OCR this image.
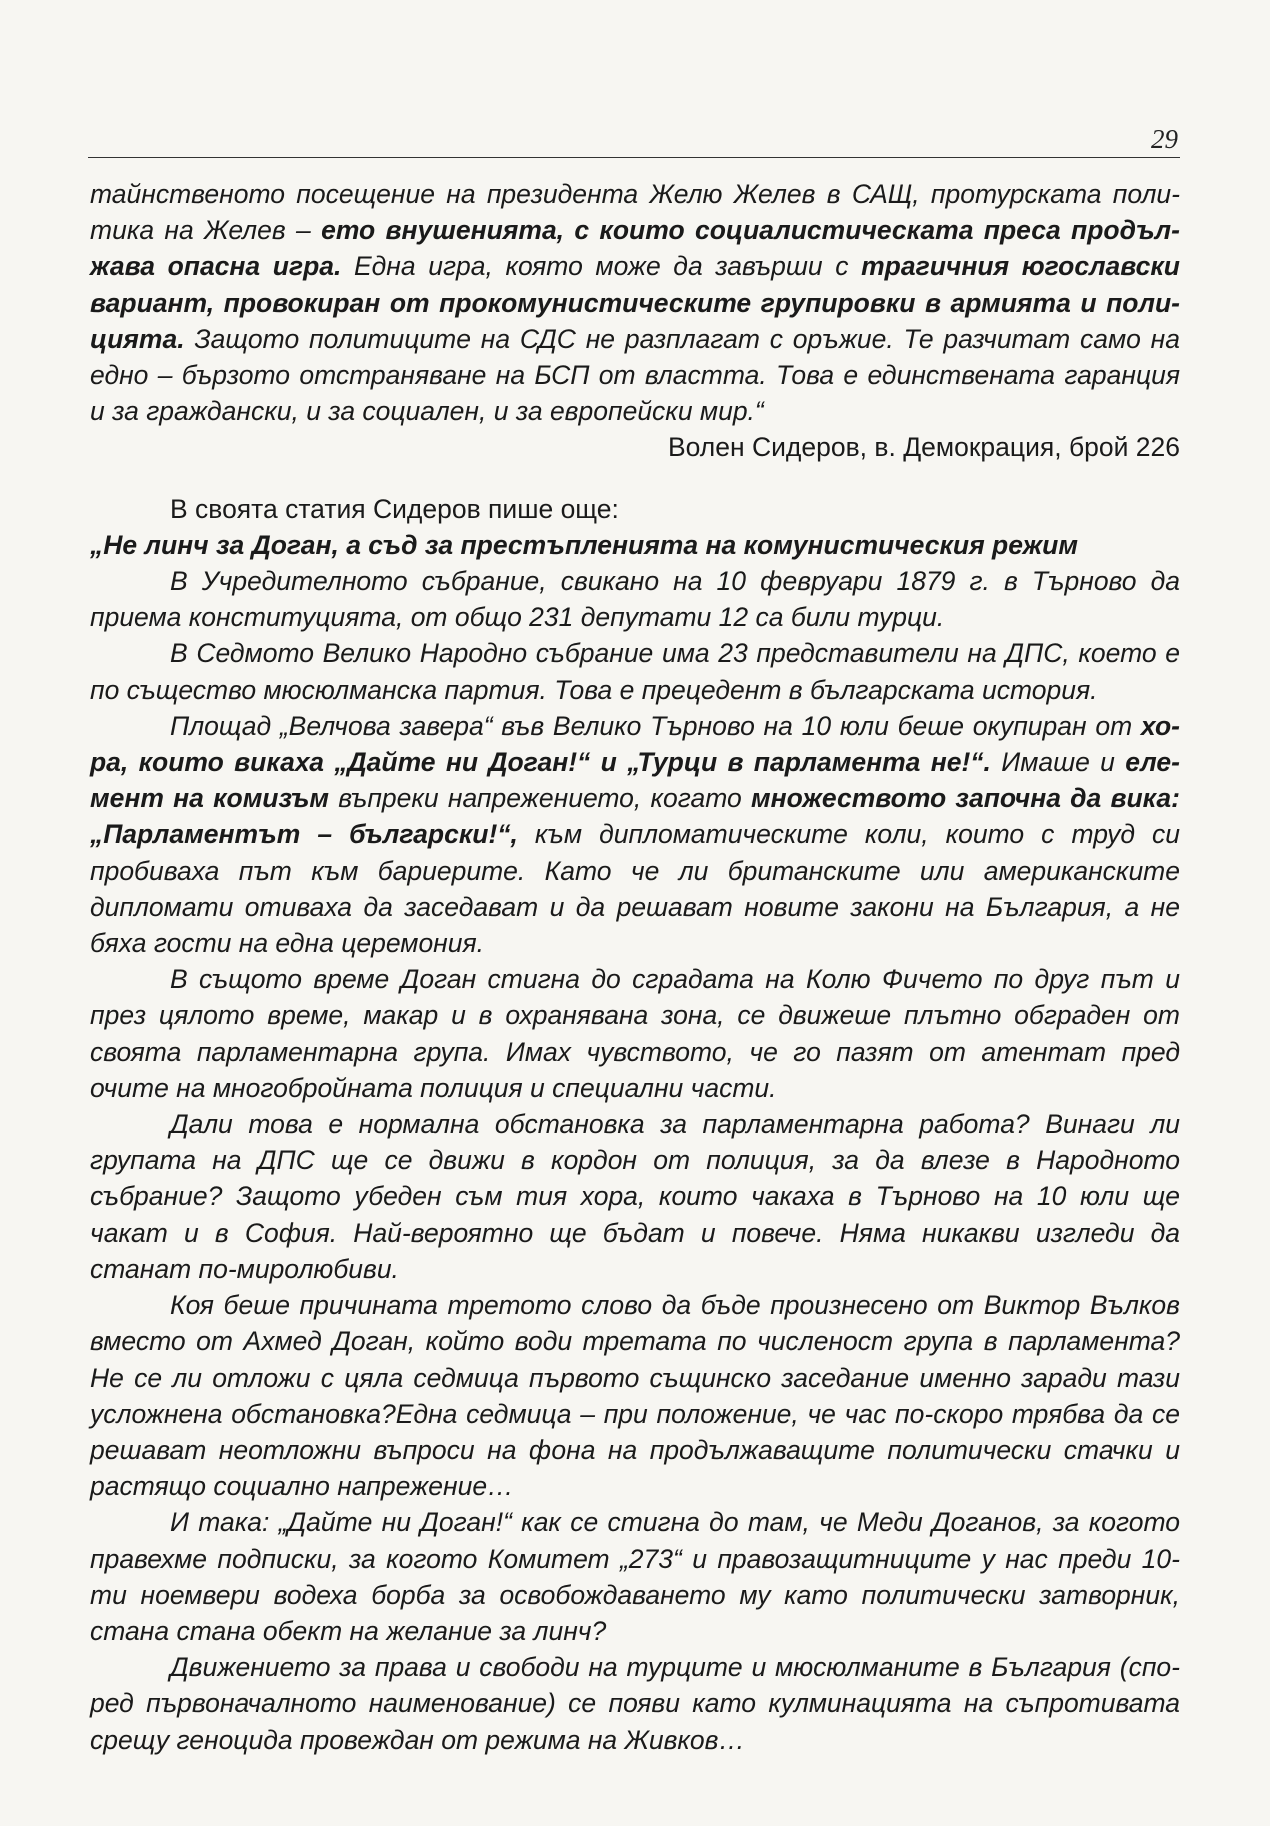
29

тайнственото посещение на президента Желю Желев в САЩ, протурската политика на Желев – ето внушенията, с които социалистическата преса продължава опасна игра. Една игра, която може да завърши с трагичния югославски вариант, провокиран от прокомунистическите групировки в армията и полицията. Защото политиците на СДС не разплагат с оръжие. Те разчитат само на едно – бързото отстраняване на БСП от властта. Това е единствената гаранция и за граждански, и за социален, и за европейски мир.“

Волен Сидеров, в. Демокрация, брой 226

В своята статия Сидеров пише още:

„Не линч за Доган, а съд за престъпленията на комунистическия режим

В Учредителното събрание, свикано на 10 февруари 1879 г. в Търново да приема конституцията, от общо 231 депутати 12 са били турци.

В Седмото Велико Народно събрание има 23 представители на ДПС, което е по същество мюсюлманска партия. Това е прецедент в българската история.

Площад „Велчова завера“ във Велико Търново на 10 юли беше окупиран от хора, които викаха „Дайте ни Доган!“ и „Турци в парламента не!“. Имаше и елемент на комизъм въпреки напрежението, когато множеството започна да вика: „Парламентът – български!“, към дипломатическите коли, които с труд си пробиваха път към бариерите. Като че ли британските или американските дипломати отиваха да заседават и да решават новите закони на България, а не бяха гости на една церемония.

В същото време Доган стигна до сградата на Колю Фичето по друг път и през цялото време, макар и в охранявана зона, се движеше плътно обграден от своята парламентарна група. Имах чувството, че го пазят от атентат пред очите на многобройната полиция и специални части.

Дали това е нормална обстановка за парламентарна работа? Винаги ли групата на ДПС ще се движи в кордон от полиция, за да влезе в Народното събрание? Защото убеден съм тия хора, които чакаха в Търново на 10 юли ще чакат и в София. Най-вероятно ще бъдат и повече. Няма никакви изгледи да станат по-миролюбиви.

Коя беше причината третото слово да бъде произнесено от Виктор Вълков вместо от Ахмед Доган, който води третата по численост група в парламента? Не се ли отложи с цяла седмица първото същинско заседание именно заради тази усложнена обстановка?Една седмица – при положение, че час по-скоро трябва да се решават неотложни въпроси на фона на продължаващите политически стачки и растящо социално напрежение…

И така: „Дайте ни Доган!“ как се стигна до там, че Меди Доганов, за когото правехме подписки, за когото Комитет „273“ и правозащитниците у нас преди 10-ти ноемвери водеха борба за освобождаването му като политически затворник, стана стана обект на желание за линч?

Движението за права и свободи на турците и мюсюлманите в България (според първоначалното наименование) се появи като кулминацията на съпротивата срещу геноцида провеждан от режима на Живков…
